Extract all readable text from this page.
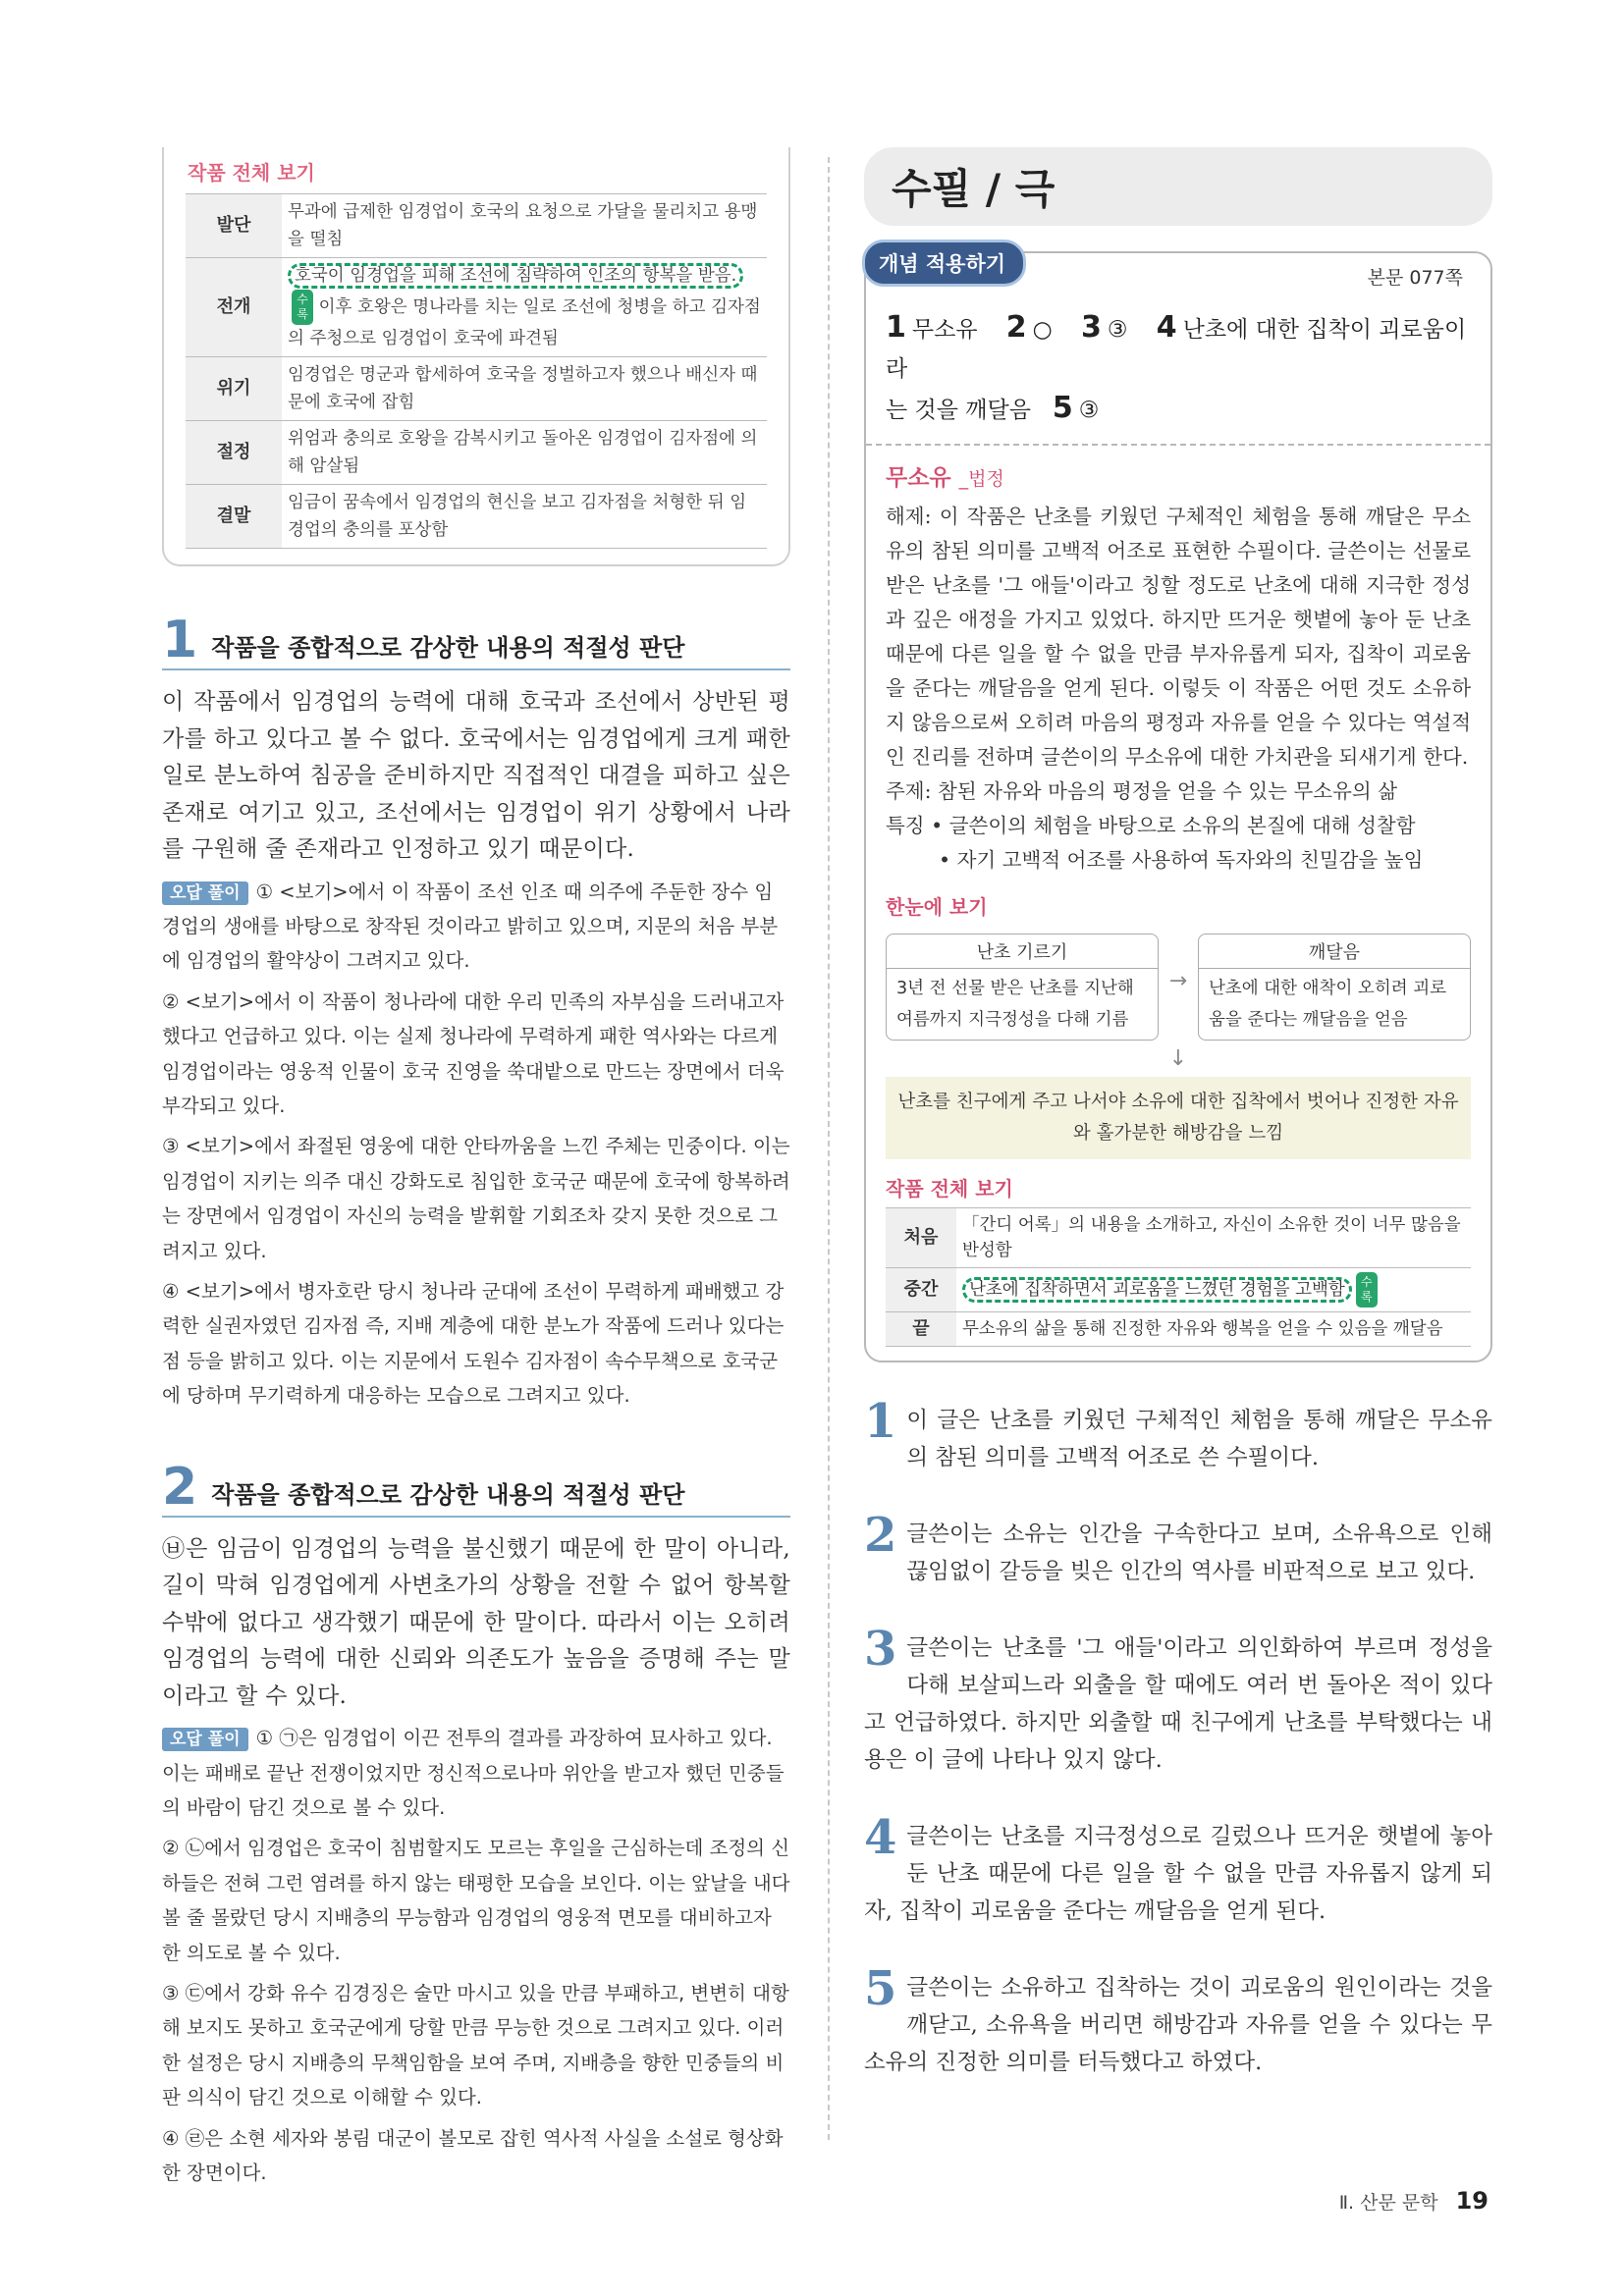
작품 전체 보기
발단	무과에 급제한 임경업이 호국의 요청으로 가달을 물리치고 용맹을 떨침
전개	호국이 임경업을 피해 조선에 침략하여 인조의 항복을 받음.수록 이후 호왕은 명나라를 치는 일로 조선에 청병을 하고 김자점의 주청으로 임경업이 호국에 파견됨
위기	임경업은 명군과 합세하여 호국을 정벌하고자 했으나 배신자 때문에 호국에 잡힘
절정	위엄과 충의로 호왕을 감복시키고 돌아온 임경업이 김자점에 의해 암살됨
결말	임금이 꿈속에서 임경업의 현신을 보고 김자점을 처형한 뒤 임경업의 충의를 포상함
1 작품을 종합적으로 감상한 내용의 적절성 판단

이 작품에서 임경업의 능력에 대해 호국과 조선에서 상반된 평가를 하고 있다고 볼 수 없다. 호국에서는 임경업에게 크게 패한 일로 분노하여 침공을 준비하지만 직접적인 대결을 피하고 싶은 존재로 여기고 있고, 조선에서는 임경업이 위기 상황에서 나라를 구원해 줄 존재라고 인정하고 있기 때문이다.

오답 풀이 ① <보기>에서 이 작품이 조선 인조 때 의주에 주둔한 장수 임경업의 생애를 바탕으로 창작된 것이라고 밝히고 있으며, 지문의 처음 부분에 임경업의 활약상이 그려지고 있다.

② <보기>에서 이 작품이 청나라에 대한 우리 민족의 자부심을 드러내고자 했다고 언급하고 있다. 이는 실제 청나라에 무력하게 패한 역사와는 다르게 임경업이라는 영웅적 인물이 호국 진영을 쑥대밭으로 만드는 장면에서 더욱 부각되고 있다.

③ <보기>에서 좌절된 영웅에 대한 안타까움을 느낀 주체는 민중이다. 이는 임경업이 지키는 의주 대신 강화도로 침입한 호국군 때문에 호국에 항복하려는 장면에서 임경업이 자신의 능력을 발휘할 기회조차 갖지 못한 것으로 그려지고 있다.

④ <보기>에서 병자호란 당시 청나라 군대에 조선이 무력하게 패배했고 강력한 실권자였던 김자점 즉, 지배 계층에 대한 분노가 작품에 드러나 있다는 점 등을 밝히고 있다. 이는 지문에서 도원수 김자점이 속수무책으로 호국군에 당하며 무기력하게 대응하는 모습으로 그려지고 있다.

2 작품을 종합적으로 감상한 내용의 적절성 판단

㉥은 임금이 임경업의 능력을 불신했기 때문에 한 말이 아니라, 길이 막혀 임경업에게 사변초가의 상황을 전할 수 없어 항복할 수밖에 없다고 생각했기 때문에 한 말이다. 따라서 이는 오히려 임경업의 능력에 대한 신뢰와 의존도가 높음을 증명해 주는 말이라고 할 수 있다.

오답 풀이 ① ㉠은 임경업이 이끈 전투의 결과를 과장하여 묘사하고 있다. 이는 패배로 끝난 전쟁이었지만 정신적으로나마 위안을 받고자 했던 민중들의 바람이 담긴 것으로 볼 수 있다.

② ㉡에서 임경업은 호국이 침범할지도 모르는 후일을 근심하는데 조정의 신하들은 전혀 그런 염려를 하지 않는 태평한 모습을 보인다. 이는 앞날을 내다볼 줄 몰랐던 당시 지배층의 무능함과 임경업의 영웅적 면모를 대비하고자 한 의도로 볼 수 있다.

③ ㉢에서 강화 유수 김경징은 술만 마시고 있을 만큼 부패하고, 변변히 대항해 보지도 못하고 호국군에게 당할 만큼 무능한 것으로 그려지고 있다. 이러한 설정은 당시 지배층의 무책임함을 보여 주며, 지배층을 향한 민중들의 비판 의식이 담긴 것으로 이해할 수 있다.

④ ㉣은 소현 세자와 봉림 대군이 볼모로 잡힌 역사적 사실을 소설로 형상화한 장면이다.

수필 / 극
개념 적용하기
본문 077쪽
1 무소유 2 ○ 3 ③ 4 난초에 대한 집착이 괴로움이라
는 것을 깨달음 5 ③
무소유 _법정

해제: 이 작품은 난초를 키웠던 구체적인 체험을 통해 깨달은 무소유의 참된 의미를 고백적 어조로 표현한 수필이다. 글쓴이는 선물로 받은 난초를 '그 애들'이라고 칭할 정도로 난초에 대해 지극한 정성과 깊은 애정을 가지고 있었다. 하지만 뜨거운 햇볕에 놓아 둔 난초 때문에 다른 일을 할 수 없을 만큼 부자유롭게 되자, 집착이 괴로움을 준다는 깨달음을 얻게 된다. 이렇듯 이 작품은 어떤 것도 소유하지 않음으로써 오히려 마음의 평정과 자유를 얻을 수 있다는 역설적인 진리를 전하며 글쓴이의 무소유에 대한 가치관을 되새기게 한다.

주제: 참된 자유와 마음의 평정을 얻을 수 있는 무소유의 삶

특징 • 글쓴이의 체험을 바탕으로 소유의 본질에 대해 성찰함

• 자기 고백적 어조를 사용하여 독자와의 친밀감을 높임

한눈에 보기
난초 기르기
3년 전 선물 받은 난초를 지난해 여름까지 지극정성을 다해 기름
→
깨달음
난초에 대한 애착이 오히려 괴로움을 준다는 깨달음을 얻음
↓
난초를 친구에게 주고 나서야 소유에 대한 집착에서 벗어나 진정한 자유와 홀가분한 해방감을 느낌
작품 전체 보기
처음	「간디 어록」의 내용을 소개하고, 자신이 소유한 것이 너무 많음을 반성함
중간	난초에 집착하면서 괴로움을 느꼈던 경험을 고백함 수록
끝	무소유의 삶을 통해 진정한 자유와 행복을 얻을 수 있음을 깨달음
1 이 글은 난초를 키웠던 구체적인 체험을 통해 깨달은 무소유의 참된 의미를 고백적 어조로 쓴 수필이다.
2 글쓴이는 소유는 인간을 구속한다고 보며, 소유욕으로 인해 끊임없이 갈등을 빚은 인간의 역사를 비판적으로 보고 있다.
3 글쓴이는 난초를 '그 애들'이라고 의인화하여 부르며 정성을 다해 보살피느라 외출을 할 때에도 여러 번 돌아온 적이 있다고 언급하였다. 하지만 외출할 때 친구에게 난초를 부탁했다는 내용은 이 글에 나타나 있지 않다.
4 글쓴이는 난초를 지극정성으로 길렀으나 뜨거운 햇볕에 놓아 둔 난초 때문에 다른 일을 할 수 없을 만큼 자유롭지 않게 되자, 집착이 괴로움을 준다는 깨달음을 얻게 된다.
5 글쓴이는 소유하고 집착하는 것이 괴로움의 원인이라는 것을 깨닫고, 소유욕을 버리면 해방감과 자유를 얻을 수 있다는 무소유의 진정한 의미를 터득했다고 하였다.
Ⅱ. 산문 문학 19
